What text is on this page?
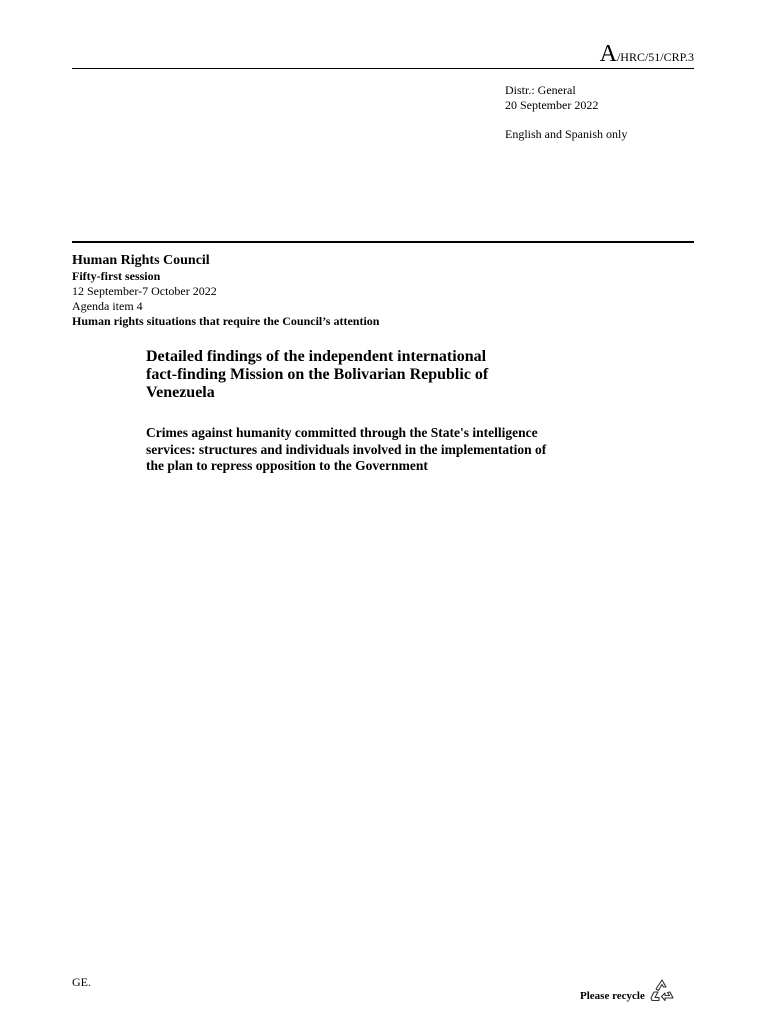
A/HRC/51/CRP.3
Distr.: General
20 September 2022
English and Spanish only
Human Rights Council
Fifty-first session
12 September-7 October 2022
Agenda item 4
Human rights situations that require the Council’s attention
Detailed findings of the independent international
fact-finding Mission on the Bolivarian Republic of
Venezuela
Crimes against humanity committed through the State's intelligence
services: structures and individuals involved in the implementation of
the plan to repress opposition to the Government
GE.
Please recycle
